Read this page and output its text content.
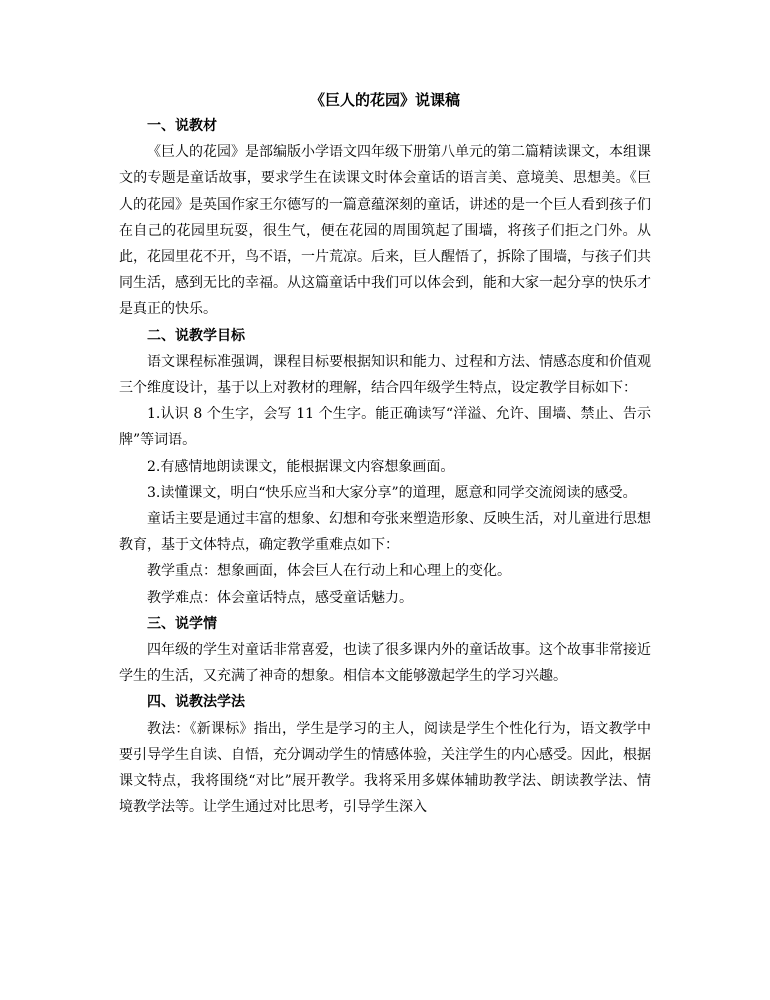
《巨人的花园》说课稿

一、说教材

《巨人的花园》是部编版小学语文四年级下册第八单元的第二篇精读课文，本组课文的专题是童话故事，要求学生在读课文时体会童话的语言美、意境美、思想美。《巨人的花园》是英国作家王尔德写的一篇意蕴深刻的童话，讲述的是一个巨人看到孩子们在自己的花园里玩耍，很生气，便在花园的周围筑起了围墙，将孩子们拒之门外。从此，花园里花不开，鸟不语，一片荒凉。后来，巨人醒悟了，拆除了围墙，与孩子们共同生活，感到无比的幸福。从这篇童话中我们可以体会到，能和大家一起分享的快乐才是真正的快乐。

二、说教学目标

语文课程标准强调，课程目标要根据知识和能力、过程和方法、情感态度和价值观三个维度设计，基于以上对教材的理解，结合四年级学生特点，设定教学目标如下：

1.认识 8 个生字，会写 11 个生字。能正确读写“洋溢、允许、围墙、禁止、告示牌”等词语。

2.有感情地朗读课文，能根据课文内容想象画面。

3.读懂课文，明白“快乐应当和大家分享”的道理，愿意和同学交流阅读的感受。

童话主要是通过丰富的想象、幻想和夸张来塑造形象、反映生活，对儿童进行思想教育，基于文体特点，确定教学重难点如下：

教学重点：想象画面，体会巨人在行动上和心理上的变化。

教学难点：体会童话特点，感受童话魅力。

三、说学情

四年级的学生对童话非常喜爱，也读了很多课内外的童话故事。这个故事非常接近学生的生活，又充满了神奇的想象。相信本文能够激起学生的学习兴趣。

四、说教法学法

教法：《新课标》指出，学生是学习的主人，阅读是学生个性化行为，语文教学中要引导学生自读、自悟，充分调动学生的情感体验，关注学生的内心感受。因此，根据课文特点，我将围绕“对比”展开教学。我将采用多媒体辅助教学法、朗读教学法、情境教学法等。让学生通过对比思考，引导学生深入
